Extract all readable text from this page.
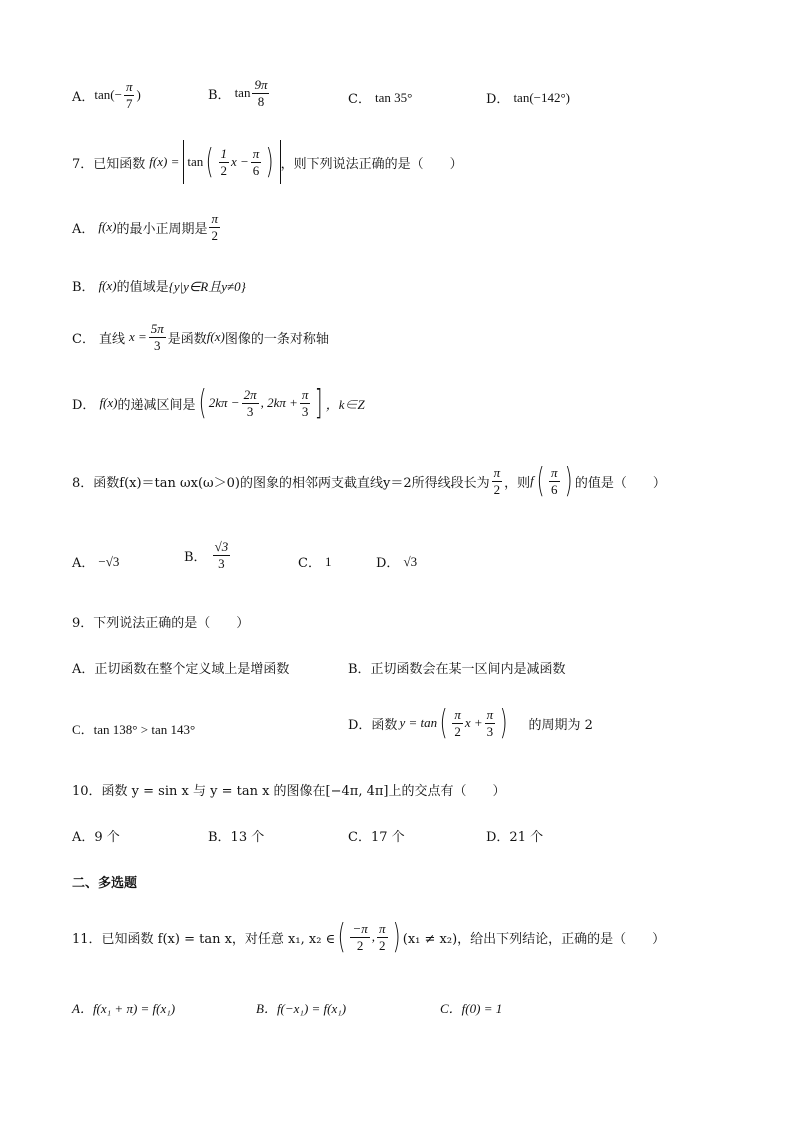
A． $\tan(- \frac{\pi}{7}$ )	B． $\tan \frac{9\pi}{8}$	C． tan 35°	D． tan(−142°)
7．已知函数 f(x) = tan ( $\frac{1}{2}$ $x - \frac{\pi}{6}$ ) ，则下列说法正确的是（　　）
A． f(x) 的最小正周期是 $\frac{\pi}{2}$
B． f(x) 的值域是 {y|y∈R且y≠0}
C． 直线 $x = \frac{5\pi}{3}$ 是函数 f(x) 图像的一条对称轴
D． f(x) 的递减区间是 ( $2k\pi - \frac{2\pi}{3}$ , $2k\pi + \frac{\pi}{3}$ ] ，k∈Z
8．函数f(x)＝tan ωx(ω＞0)的图象的相邻两支截直线y＝2所得线段长为 $\frac{\pi}{2}$ ，则 f ( $\frac{\pi}{6}$ ) 的值是（　　）
A． −√3	B． $\frac{√3}{3}$	C． 1	D． √3
9．下列说法正确的是（　　）
A．正切函数在整个定义域上是增函数	B．正切函数会在某一区间内是减函数
C．tan 138° > tan 143°	D．函数 y = tan ( $\frac{\pi}{2}$ $x + \frac{\pi}{3}$ ) 的周期为 2
10．函数 y = sin x 与 y = tan x 的图像在[−4π, 4π]上的交点有（　　）
A．9 个	B．13 个	C．17 个	D．21 个
二、多选题
11．已知函数 f(x) = tan x，对任意 x₁, x₂ ∈ ( $\frac{-\pi}{2}$ , $\frac{\pi}{2}$ ) (x₁ ≠ x₂)，给出下列结论，正确的是（　　）
A．f(x₁ + π) = f(x₁)	B．f(−x₁) = f(x₁)	C．f(0) = 1
